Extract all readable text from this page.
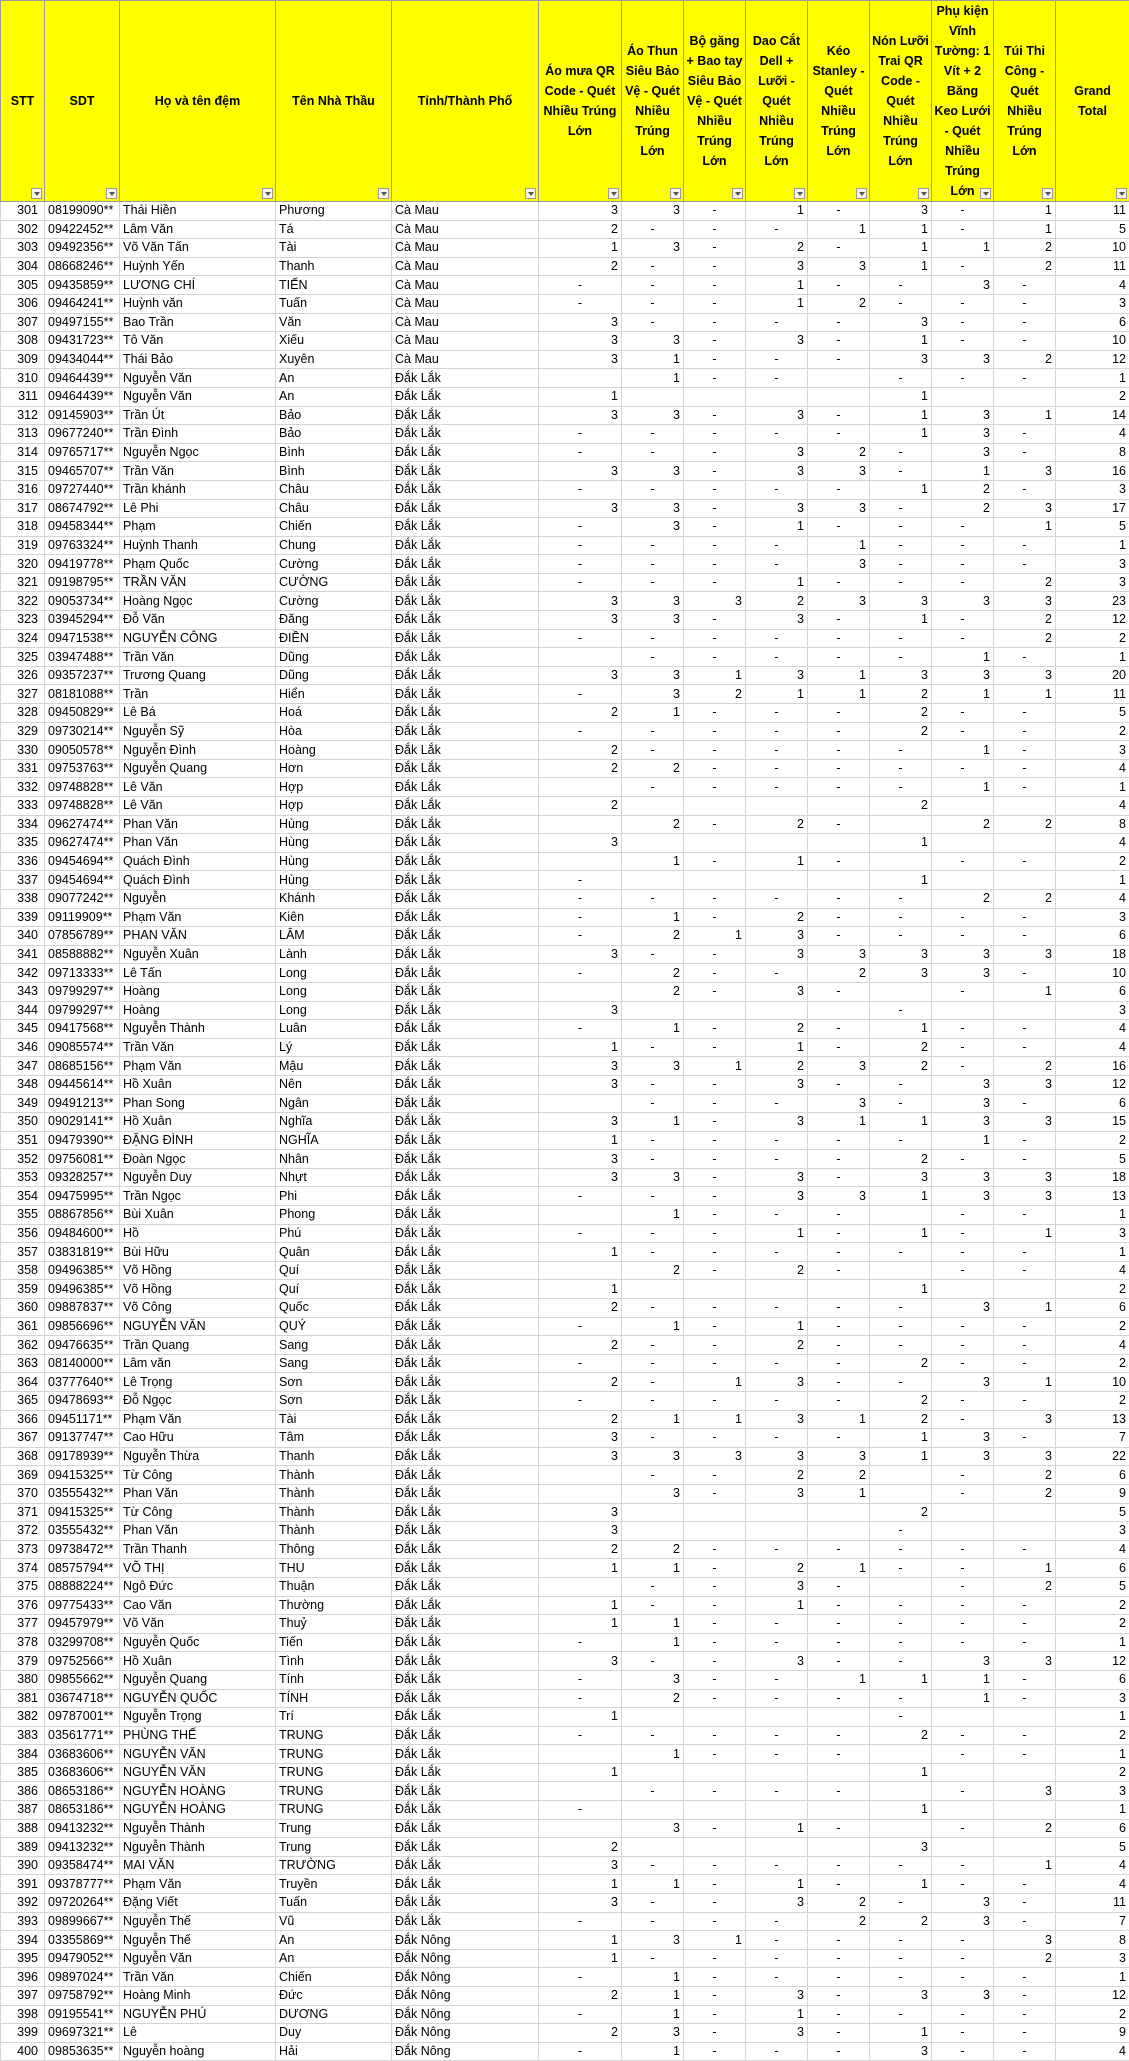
STT	SDT	Họ và tên đệm	Tên Nhà Thầu	Tỉnh/Thành Phố	Áo mưa QR Code - Quét Nhiều Trúng Lớn	Áo Thun Siêu Bảo Vệ - Quét Nhiều Trúng Lớn	Bộ găng + Bao tay Siêu Bảo Vệ - Quét Nhiều Trúng Lớn	Dao Cắt Dell + Lưỡi - Quét Nhiều Trúng Lớn	Kéo Stanley - Quét Nhiều Trúng Lớn	Nón Lưỡi Trai QR Code - Quét Nhiều Trúng Lớn	Phụ kiện Vĩnh Tường: 1 Vít + 2 Băng Keo Lưới - Quét Nhiều Trúng Lớn	Túi Thi Công - Quét Nhiều Trúng Lớn	Grand Total

301	08199090**	Thái Hiền	Phương	Cà Mau	3	3	-	1	-	3	-	1	11
302	09422452**	Lâm Văn	Tá	Cà Mau	2	-	-	-	1	1	-	1	5
303	09492356**	Võ Văn Tấn	Tài	Cà Mau	1	3	-	2	-	1	1	2	10
304	08668246**	Huỳnh Yến	Thanh	Cà Mau	2	-	-	3	3	1	-	2	11
305	09435859**	LƯƠNG CHÍ	TIẾN	Cà Mau	-	-	-	1	-	-	3	-	4
306	09464241**	Huỳnh văn	Tuấn	Cà Mau	-	-	-	1	2	-	-	-	3
307	09497155**	Bao Trần	Văn	Cà Mau	3	-	-	-	-	3	-	-	6
308	09431723**	Tô Văn	Xiếu	Cà Mau	3	3	-	3	-	1	-	-	10
309	09434044**	Thái Bảo	Xuyên	Cà Mau	3	1	-	-	-	3	3	2	12
310	09464439**	Nguyễn Văn	An	Đắk Lắk		1	-	-		-	-	-	1
311	09464439**	Nguyễn Văn	An	Đắk Lắk	1					1			2
312	09145903**	Trần Út	Bảo	Đắk Lắk	3	3	-	3	-	1	3	1	14
313	09677240**	Trần Đình	Bảo	Đắk Lắk	-	-	-	-	-	1	3	-	4
314	09765717**	Nguyễn Ngọc	Bình	Đắk Lắk	-	-	-	3	2	-	3	-	8
315	09465707**	Trần Văn	Bình	Đắk Lắk	3	3	-	3	3	-	1	3	16
316	09727440**	Trần khánh	Châu	Đắk Lắk	-	-	-	-	-	1	2	-	3
317	08674792**	Lê Phi	Châu	Đắk Lắk	3	3	-	3	3	-	2	3	17
318	09458344**	Phạm	Chiến	Đắk Lắk	-	3	-	1	-	-	-	1	5
319	09763324**	Huỳnh Thanh	Chung	Đắk Lắk	-	-	-	-	1	-	-	-	1
320	09419778**	Phạm Quốc	Cường	Đắk Lắk	-	-	-	-	3	-	-	-	3
321	09198795**	TRẦN VĂN	CƯỜNG	Đắk Lắk	-	-	-	1	-	-	-	2	3
322	09053734**	Hoàng Ngọc	Cường	Đắk Lắk	3	3	3	2	3	3	3	3	23
323	03945294**	Đỗ Văn	Đăng	Đắk Lắk	3	3	-	3	-	1	-	2	12
324	09471538**	NGUYỄN CÔNG	ĐIỀN	Đắk Lắk	-	-	-	-	-	-	-	2	2
325	03947488**	Trần Văn	Dũng	Đắk Lắk		-	-	-	-	-	1	-	1
326	09357237**	Trương Quang	Dũng	Đắk Lắk	3	3	1	3	1	3	3	3	20
327	08181088**	Trần	Hiển	Đắk Lắk	-	3	2	1	1	2	1	1	11
328	09450829**	Lê Bá	Hoá	Đắk Lắk	2	1	-	-	-	2	-	-	5
329	09730214**	Nguyễn Sỹ	Hòa	Đắk Lắk	-	-	-	-	-	2	-	-	2
330	09050578**	Nguyễn Đình	Hoàng	Đắk Lắk	2	-	-	-	-	-	1	-	3
331	09753763**	Nguyễn Quang	Hơn	Đắk Lắk	2	2	-	-	-	-	-	-	4
332	09748828**	Lê Văn	Hợp	Đắk Lắk		-	-	-	-	-	1	-	1
333	09748828**	Lê Văn	Hợp	Đắk Lắk	2					2			4
334	09627474**	Phan Văn	Hùng	Đắk Lắk		2	-	2	-		2	2	8
335	09627474**	Phan Văn	Hùng	Đắk Lắk	3					1			4
336	09454694**	Quách Đình	Hùng	Đắk Lắk		1	-	1	-		-	-	2
337	09454694**	Quách Đình	Hùng	Đắk Lắk	-					1			1
338	09077242**	Nguyễn	Khánh	Đắk Lắk	-	-	-	-	-	-	2	2	4
339	09119909**	Phạm Văn	Kiên	Đắk Lắk	-	1	-	2	-	-	-	-	3
340	07856789**	PHAN VĂN	LÂM	Đắk Lắk	-	2	1	3	-	-	-	-	6
341	08588882**	Nguyễn Xuân	Lành	Đắk Lắk	3	-	-	3	3	3	3	3	18
342	09713333**	Lê Tấn	Long	Đắk Lắk	-	2	-	-	2	3	3	-	10
343	09799297**	Hoàng	Long	Đắk Lắk		2	-	3	-		-	1	6
344	09799297**	Hoàng	Long	Đắk Lắk	3					-			3
345	09417568**	Nguyễn Thành	Luân	Đắk Lắk	-	1	-	2	-	1	-	-	4
346	09085574**	Trần Văn	Lý	Đắk Lắk	1	-	-	1	-	2	-	-	4
347	08685156**	Phạm Văn	Mậu	Đắk Lắk	3	3	1	2	3	2	-	2	16
348	09445614**	Hồ Xuân	Nên	Đắk Lắk	3	-	-	3	-	-	3	3	12
349	09491213**	Phan Song	Ngân	Đắk Lắk		-	-	-	3	-	3	-	6
350	09029141**	Hồ Xuân	Nghĩa	Đắk Lắk	3	1	-	3	1	1	3	3	15
351	09479390**	ĐẶNG ĐÌNH	NGHĨA	Đắk Lắk	1	-	-	-	-	-	1	-	2
352	09756081**	Đoàn Ngọc	Nhân	Đắk Lắk	3	-	-	-	-	2	-	-	5
353	09328257**	Nguyễn Duy	Nhựt	Đắk Lắk	3	3	-	3	-	3	3	3	18
354	09475995**	Trần Ngọc	Phi	Đắk Lắk	-	-	-	3	3	1	3	3	13
355	08867856**	Bùi Xuân	Phong	Đắk Lắk		1	-	-	-		-	-	1
356	09484600**	Hồ	Phú	Đắk Lắk	-	-	-	1	-	1	-	1	3
357	03831819**	Bùi Hữu	Quân	Đắk Lắk	1	-	-	-	-	-	-	-	1
358	09496385**	Võ Hồng	Quí	Đắk Lắk		2	-	2	-		-	-	4
359	09496385**	Võ Hồng	Quí	Đắk Lắk	1					1			2
360	09887837**	Võ Công	Quốc	Đắk Lắk	2	-	-	-	-	-	3	1	6
361	09856696**	NGUYỄN VĂN	QUÝ	Đắk Lắk	-	1	-	1	-	-	-	-	2
362	09476635**	Trần Quang	Sang	Đắk Lắk	2	-	-	2	-	-	-	-	4
363	08140000**	Lâm văn	Sang	Đắk Lắk	-	-	-	-	-	2	-	-	2
364	03777640**	Lê Trọng	Sơn	Đắk Lắk	2	-	1	3	-	-	3	1	10
365	09478693**	Đỗ Ngọc	Sơn	Đắk Lắk	-	-	-	-	-	2	-	-	2
366	09451171**	Phạm Văn	Tài	Đắk Lắk	2	1	1	3	1	2	-	3	13
367	09137747**	Cao Hữu	Tâm	Đắk Lắk	3	-	-	-	-	1	3	-	7
368	09178939**	Nguyễn Thừa	Thanh	Đắk Lắk	3	3	3	3	3	1	3	3	22
369	09415325**	Từ Công	Thành	Đắk Lắk		-	-	2	2		-	2	6
370	03555432**	Phan Văn	Thành	Đắk Lắk		3	-	3	1		-	2	9
371	09415325**	Từ Công	Thành	Đắk Lắk	3					2			5
372	03555432**	Phan Văn	Thành	Đắk Lắk	3					-			3
373	09738472**	Trần Thanh	Thông	Đắk Lắk	2	2	-	-	-	-	-	-	4
374	08575794**	VÕ THỊ	THU	Đắk Lắk	1	1	-	2	1	-	-	1	6
375	08888224**	Ngô Đức	Thuận	Đắk Lắk		-	-	3	-		-	2	5
376	09775433**	Cao Văn	Thường	Đắk Lắk	1	-	-	1	-	-	-	-	2
377	09457979**	Võ Văn	Thuỷ	Đắk Lắk	1	1	-	-	-	-	-	-	2
378	03299708**	Nguyễn Quốc	Tiến	Đắk Lắk	-	1	-	-	-	-	-	-	1
379	09752566**	Hồ Xuân	Tình	Đắk Lắk	3	-	-	3	-	-	3	3	12
380	09855662**	Nguyễn Quang	Tính	Đắk Lắk	-	3	-	-	1	1	1	-	6
381	03674718**	NGUYỄN QUỐC	TÍNH	Đắk Lắk	-	2	-	-	-	-	1	-	3
382	09787001**	Nguyễn Trọng	Trí	Đắk Lắk	1					-			1
383	03561771**	PHÙNG THẾ	TRUNG	Đắk Lắk	-	-	-	-	-	2	-	-	2
384	03683606**	NGUYỄN VĂN	TRUNG	Đắk Lắk		1	-	-	-		-	-	1
385	03683606**	NGUYỄN VĂN	TRUNG	Đắk Lắk	1					1			2
386	08653186**	NGUYỄN HOÀNG	TRUNG	Đắk Lắk		-	-	-	-		-	3	3
387	08653186**	NGUYỄN HOÀNG	TRUNG	Đắk Lắk	-					1			1
388	09413232**	Nguyễn Thành	Trung	Đắk Lắk		3	-	1	-		-	2	6
389	09413232**	Nguyễn Thành	Trung	Đắk Lắk	2					3			5
390	09358474**	MAI VĂN	TRƯỜNG	Đắk Lắk	3	-	-	-	-	-	-	1	4
391	09378777**	Phạm Văn	Truyền	Đắk Lắk	1	1	-	1	-	1	-	-	4
392	09720264**	Đặng Viết	Tuấn	Đắk Lắk	3	-	-	3	2	-	3	-	11
393	09899667**	Nguyễn Thế	Vũ	Đắk Lắk	-	-	-	-	2	2	3	-	7
394	03355869**	Nguyễn Thế	An	Đắk Nông	1	3	1	-	-	-	-	3	8
395	09479052**	Nguyễn Văn	An	Đắk Nông	1	-	-	-	-	-	-	2	3
396	09897024**	Trần Văn	Chiến	Đắk Nông	-	1	-	-	-	-	-	-	1
397	09758792**	Hoàng Minh	Đức	Đắk Nông	2	1	-	3	-	3	3	-	12
398	09195541**	NGUYỄN PHÚ	DƯƠNG	Đắk Nông	-	1	-	1	-	-	-	-	2
399	09697321**	Lê	Duy	Đắk Nông	2	3	-	3	-	1	-	-	9
400	09853635**	Nguyễn hoàng	Hải	Đắk Nông	-	1	-	-	-	3	-	-	4
